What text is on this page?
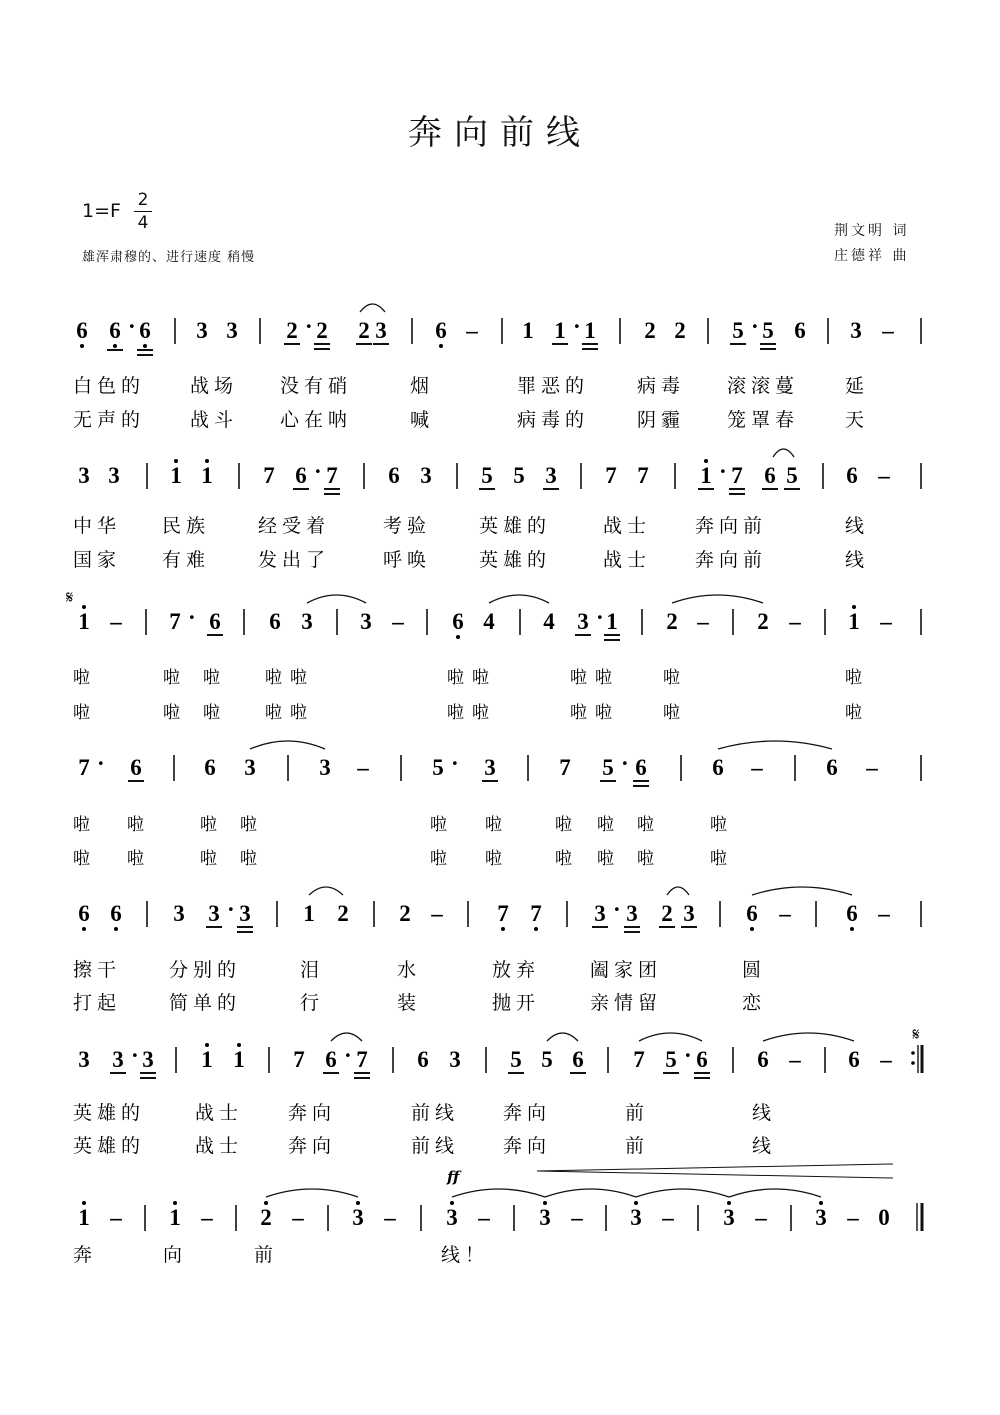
奔向前线
1=F 2
4
雄浑肃穆的、进行速度 稍慢
荆文明 词
庄德祥 曲
6 6 · 6 3 3 2 · 2 2 3 6 – 1 1 · 1 2 2 5 · 5 6 3 –
3 3 1 1 7 6 · 7 6 3 5 5 3 7 7 1 · 7 6 5 6 –
1 – 7 · 6 6 3 3 – 6 4 4 3 · 1 2 – 2 – 1 –
7 · 6	6 3	3 –	5 · 3	7 5 · 6	6 –	6 –
6 6 3 3 · 3 1 2 2 – 7 7 3 · 3 2 3 6 – 6 –
3 3 · 3 1 1 7 6 · 7 6 3 5 5 6 7 5 · 6 6 – 6 –
𝄋
1 – 1 – 2 – 3 – 3 – 3 – 3 – 3 – 3 – 0
ff
𝄋
白色的 战场 没有硝	烟	罪恶的	病毒 滚滚蔓 延
无声的 战斗 心在呐	喊	病毒的	阴霾 笼罩春 天
中华 民族	经受着	考验	英雄的	战士 奔向前	线
国家 有难	发出了	呼唤	英雄的	战士 奔向前	线
啦	啦 啦 啦啦	啦啦	啦啦	啦	啦
啦	啦 啦 啦啦	啦啦	啦啦	啦	啦
啦 啦	啦 啦	啦 啦	啦 啦 啦	啦
啦 啦	啦 啦	啦 啦	啦 啦 啦	啦
擦干	分别的	泪	水	放弃	阖家团	圆
打起	简单的	行	装	抛开	亲情留	恋
英雄的	战士 奔向	前线 奔向	前	线
英雄的	战士 奔向	前线 奔向	前	线
奔	向	前	线！
